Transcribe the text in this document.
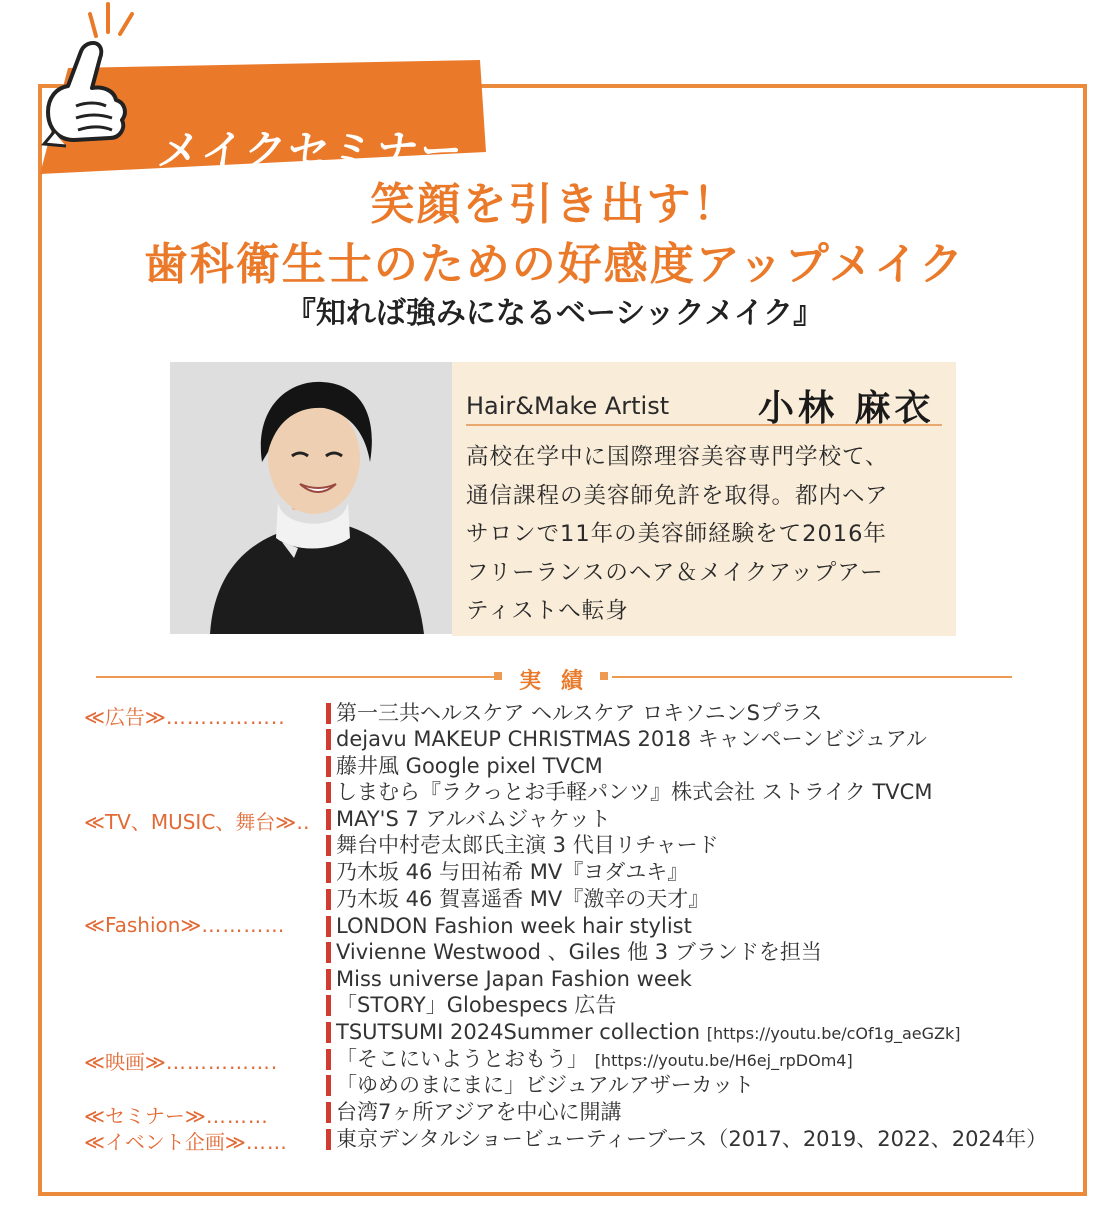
メイクセミナー
笑顔を引き出す！
歯科衛生士のための好感度アップメイク
『知れば強みになるベーシックメイク』
Hair&Make Artist 小林 麻衣
高校在学中に国際理容美容専門学校て、
通信課程の美容師免許を取得。都内ヘア
サロンで11年の美容師経験をて2016年
フリーランスのヘア＆メイクアップアー
ティストへ転身
実 績
≪広告≫……………..
≪TV、MUSIC、舞台≫‥
≪Fashion≫…………
≪映画≫…………….
≪セミナー≫………
≪イベント企画≫……
第一三共ヘルスケア ヘルスケア ロキソニンSプラス
dejavu MAKEUP CHRISTMAS 2018 キャンペーンビジュアル
藤井風 Google pixel TVCM
しまむら『ラクっとお手軽パンツ』株式会社 ストライク TVCM
MAY'S 7 アルバムジャケット
舞台中村壱太郎氏主演 3 代目リチャード
乃木坂 46 与田祐希 MV『ヨダユキ』
乃木坂 46 賀喜遥香 MV『激辛の天才』
LONDON Fashion week hair stylist
Vivienne Westwood 、Giles 他 3 ブランドを担当
Miss universe Japan Fashion week
「STORY」Globespecs 広告
TSUTSUMI 2024Summer collection [https://youtu.be/cOf1g_aeGZk]
「そこにいようとおもう」 [https://youtu.be/H6ej_rpDOm4]
「ゆめのまにまに」ビジュアルアザーカット
台湾7ヶ所アジアを中心に開講
東京デンタルショービューティーブース（2017、2019、2022、2024年）
